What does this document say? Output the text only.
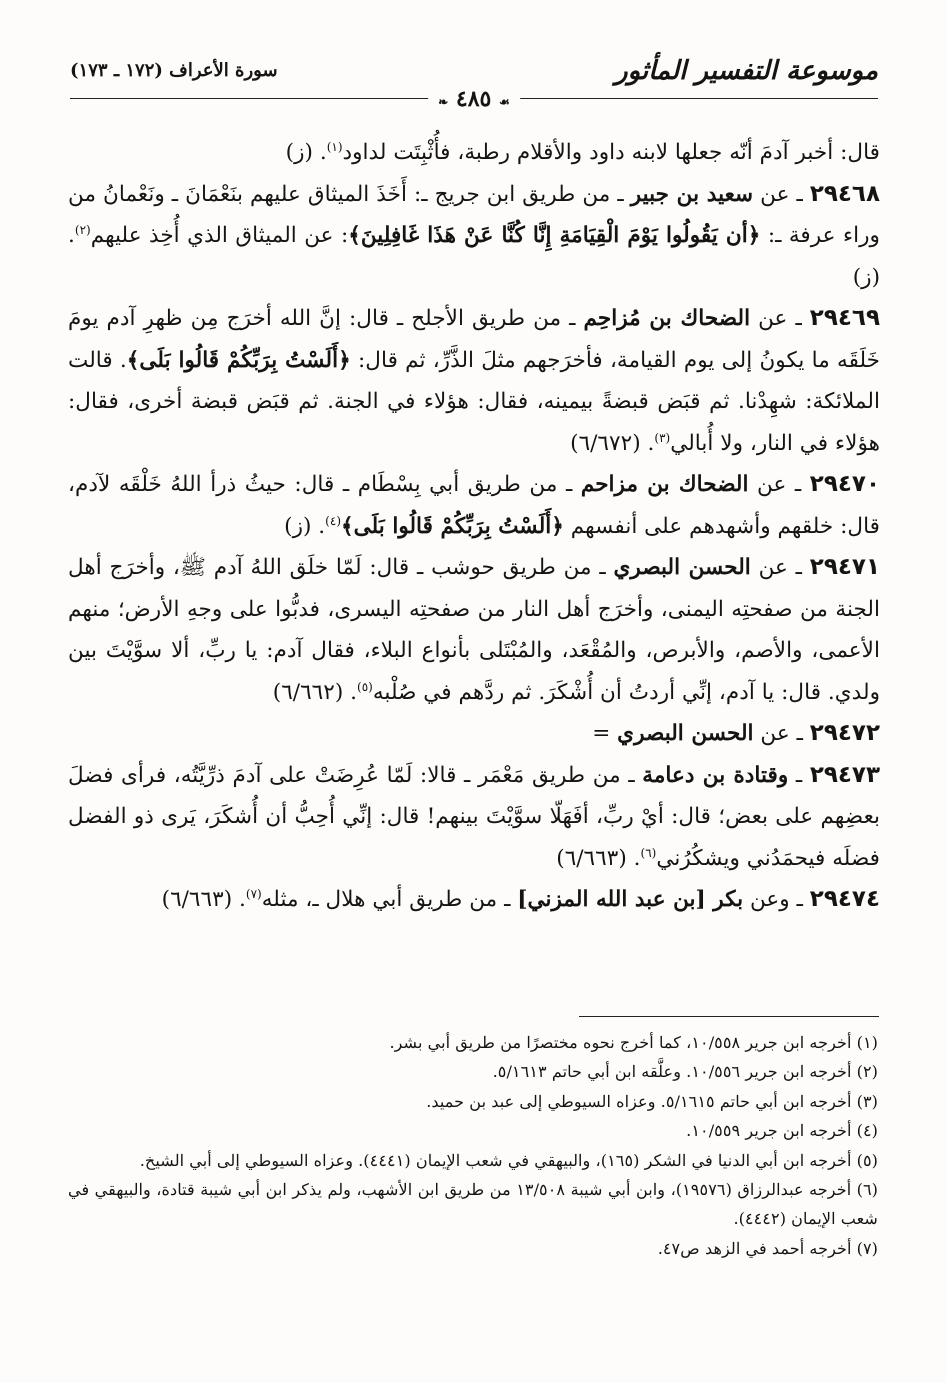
موسوعة التفسير المأثور
سورة الأعراف (١٧٢ ـ ١٧٣)
❧ ٤٨٥ ☙

قال: أخبر آدمَ أنّه جعلها لابنه داود والأقلام رطبة، فأُثْبِتَت لداود$^{(١)}$. (ز)

٢٩٤٦٨ ـ عن سعيد بن جبير ـ من طريق ابن جريج ـ: أَخَذَ الميثاق عليهم بنَعْمَانَ ـ ونَعْمانُ من وراء عرفة ـ: ﴿أن يَقُولُوا يَوْمَ الْقِيَامَةِ إِنَّا كُنَّا عَنْ هَذَا غَافِلِينَ﴾: عن الميثاق الذي أُخِذ عليهم$^{(٢)}$. (ز)

٢٩٤٦٩ ـ عن الضحاك بن مُزاحِم ـ من طريق الأجلح ـ قال: إنَّ الله أخرَج مِن ظهرِ آدم يومَ خَلَقَه ما يكونُ إلى يوم القيامة، فأخرَجهم مثلَ الذَّرِّ، ثم قال: ﴿أَلَسْتُ بِرَبِّكُمْ قَالُوا بَلَى﴾. قالت الملائكة: شهِدْنا. ثم قبَض قبضةً بيمينه، فقال: هؤلاء في الجنة. ثم قبَض قبضة أخرى، فقال: هؤلاء في النار، ولا أُبالي$^{(٣)}$. (٦/٦٧٢)

٢٩٤٧٠ ـ عن الضحاك بن مزاحم ـ من طريق أبي بِسْطَام ـ قال: حيثُ ذرأ اللهُ خَلْقَه لآدم، قال: خلقهم وأشهدهم على أنفسهم ﴿أَلَسْتُ بِرَبِّكُمْ قَالُوا بَلَى﴾$^{(٤)}$. (ز)

٢٩٤٧١ ـ عن الحسن البصري ـ من طريق حوشب ـ قال: لَمّا خلَق اللهُ آدم ﷺ، وأخرَج أهل الجنة من صفحتِه اليمنى، وأخرَج أهل النار من صفحتِه اليسرى، فدبُّوا على وجهِ الأرض؛ منهم الأعمى، والأصم، والأبرص، والمُقْعَد، والمُبْتَلى بأنواع البلاء، فقال آدم: يا ربِّ، ألا سوَّيْتَ بين ولدي. قال: يا آدم، إنِّي أردتُ أن أُشْكَرَ. ثم ردَّهم في صُلْبه$^{(٥)}$. (٦/٦٦٢)

٢٩٤٧٢ ـ عن الحسن البصري =

٢٩٤٧٣ ـ وقتادة بن دعامة ـ من طريق مَعْمَر ـ قالا: لَمّا عُرِضَتْ على آدمَ ذرِّيَّتُه، فرأى فضلَ بعضِهم على بعض؛ قال: أيْ ربِّ، أفَهَلّا سوَّيْتَ بينهم! قال: إنِّي أُحِبُّ أن أُشكَرَ، يَرى ذو الفضل فضلَه فيحمَدُني ويشكُرُني$^{(٦)}$. (٦/٦٦٣)

٢٩٤٧٤ ـ وعن بكر [بن عبد الله المزني] ـ من طريق أبي هلال ـ، مثله$^{(٧)}$. (٦/٦٦٣)

(١) أخرجه ابن جرير ١٠/٥٥٨، كما أخرج نحوه مختصرًا من طريق أبي بشر.

(٢) أخرجه ابن جرير ١٠/٥٥٦. وعلَّقه ابن أبي حاتم ٥/١٦١٣.

(٣) أخرجه ابن أبي حاتم ٥/١٦١٥. وعزاه السيوطي إلى عبد بن حميد.

(٤) أخرجه ابن جرير ١٠/٥٥٩.

(٥) أخرجه ابن أبي الدنيا في الشكر (١٦٥)، والبيهقي في شعب الإيمان (٤٤٤١). وعزاه السيوطي إلى أبي الشيخ.

(٦) أخرجه عبدالرزاق (١٩٥٧٦)، وابن أبي شيبة ١٣/٥٠٨ من طريق ابن الأشهب، ولم يذكر ابن أبي شيبة قتادة، والبيهقي في شعب الإيمان (٤٤٤٢).

(٧) أخرجه أحمد في الزهد ص٤٧.
